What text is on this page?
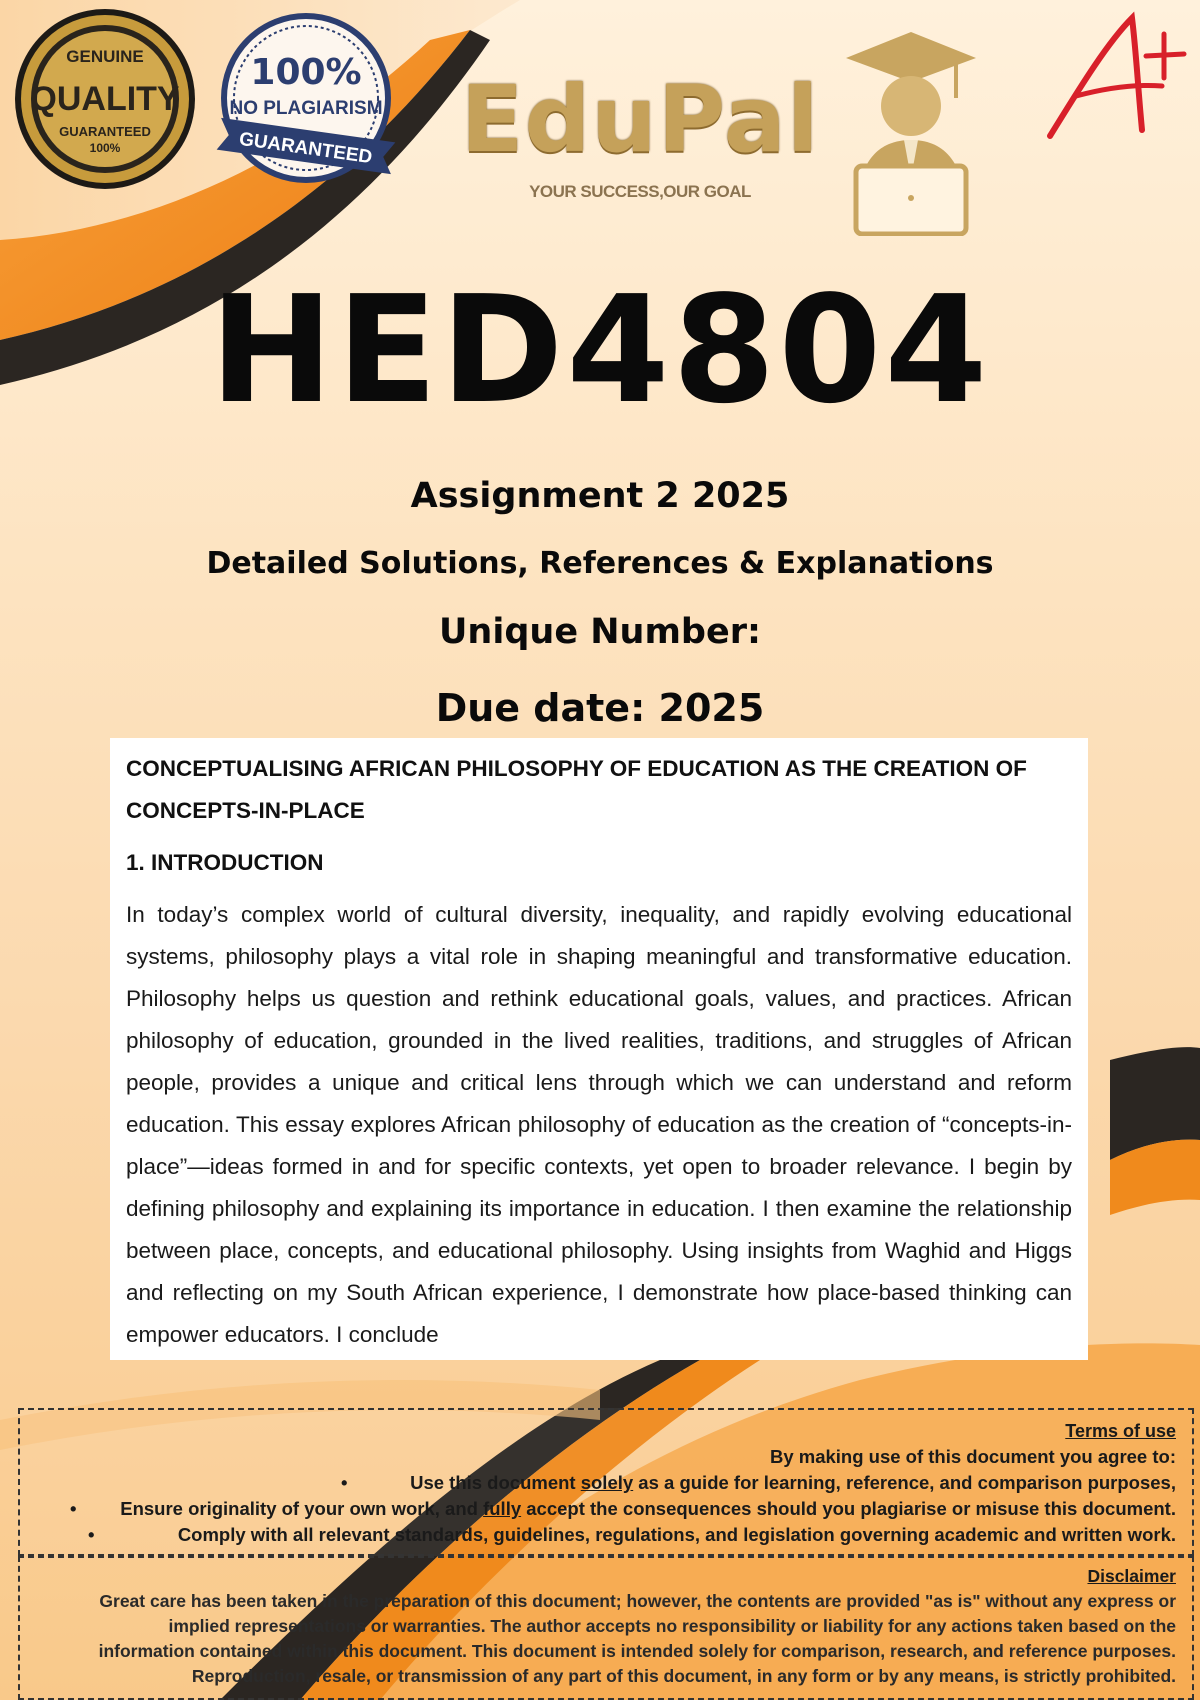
GENUINE
QUALITY
GUARANTEED
100%
100%
NO PLAGIARISM
GUARANTEED EduPal
YOUR SUCCESS,OUR GOAL
A+
HED4804
Assignment 2 2025
Detailed Solutions, References & Explanations
Unique Number:
Due date: 2025
CONCEPTUALISING AFRICAN PHILOSOPHY OF EDUCATION AS THE CREATION OF CONCEPTS-IN-PLACE
1. INTRODUCTION
In today’s complex world of cultural diversity, inequality, and rapidly evolving educational systems, philosophy plays a vital role in shaping meaningful and transformative education. Philosophy helps us question and rethink educational goals, values, and practices. African philosophy of education, grounded in the lived realities, traditions, and struggles of African people, provides a unique and critical lens through which we can understand and reform education. This essay explores African philosophy of education as the creation of “concepts-in-place”—ideas formed in and for specific contexts, yet open to broader relevance. I begin by defining philosophy and explaining its importance in education. I then examine the relationship between place, concepts, and educational philosophy. Using insights from Waghid and Higgs and reflecting on my South African experience, I demonstrate how place-based thinking can empower educators. I conclude
Terms of use
By making use of this document you agree to:
• Use this document solely as a guide for learning, reference, and comparison purposes,
• Ensure originality of your own work, and fully accept the consequences should you plagiarise or misuse this document.
• Comply with all relevant standards, guidelines, regulations, and legislation governing academic and written work.
Disclaimer
Great care has been taken in the preparation of this document; however, the contents are provided "as is" without any express or
implied representations or warranties. The author accepts no responsibility or liability for any actions taken based on the
information contained within this document. This document is intended solely for comparison, research, and reference purposes.
Reproduction, resale, or transmission of any part of this document, in any form or by any means, is strictly prohibited.
